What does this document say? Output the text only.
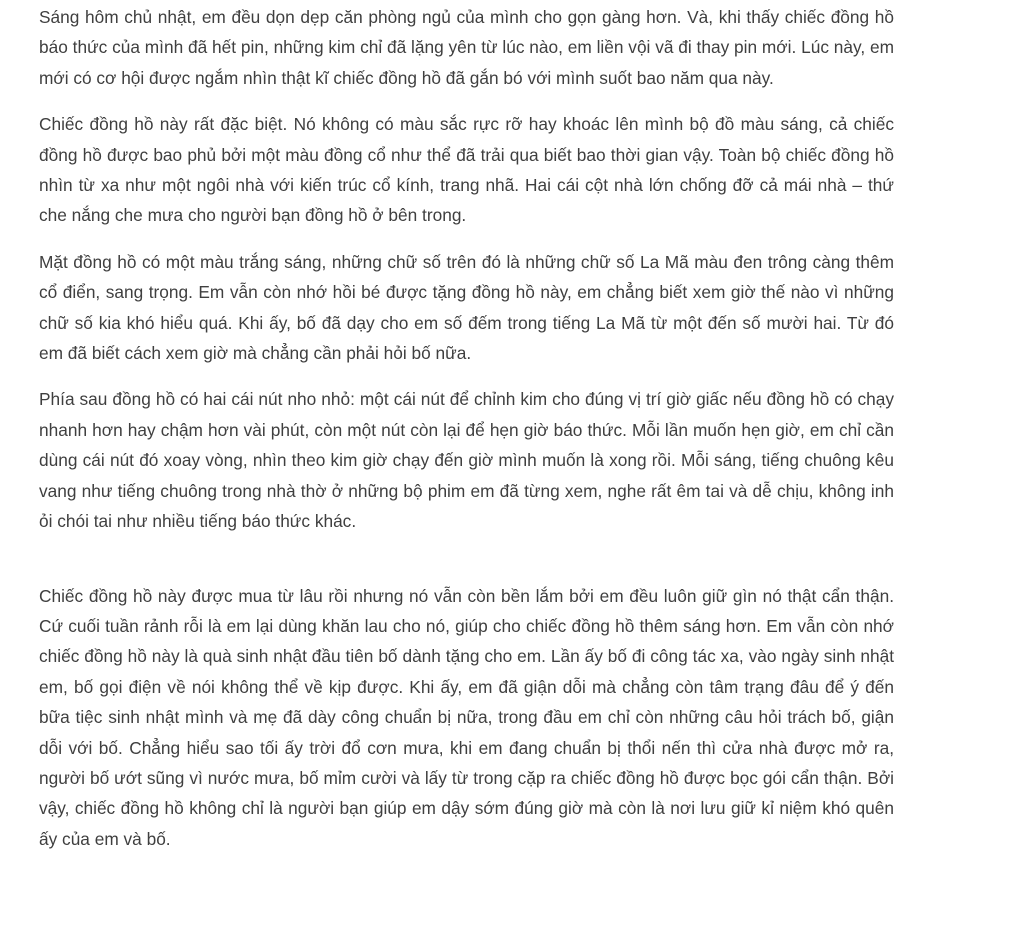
Sáng hôm chủ nhật, em đều dọn dẹp căn phòng ngủ của mình cho gọn gàng hơn. Và, khi thấy chiếc đồng hồ báo thức của mình đã hết pin, những kim chỉ đã lặng yên từ lúc nào, em liền vội vã đi thay pin mới. Lúc này, em mới có cơ hội được ngắm nhìn thật kĩ chiếc đồng hồ đã gắn bó với mình suốt bao năm qua này.

Chiếc đồng hồ này rất đặc biệt. Nó không có màu sắc rực rỡ hay khoác lên mình bộ đồ màu sáng, cả chiếc đồng hồ được bao phủ bởi một màu đồng cổ như thể đã trải qua biết bao thời gian vậy. Toàn bộ chiếc đồng hồ nhìn từ xa như một ngôi nhà với kiến trúc cổ kính, trang nhã. Hai cái cột nhà lớn chống đỡ cả mái nhà – thứ che nắng che mưa cho người bạn đồng hồ ở bên trong.

Mặt đồng hồ có một màu trắng sáng, những chữ số trên đó là những chữ số La Mã màu đen trông càng thêm cổ điển, sang trọng. Em vẫn còn nhớ hồi bé được tặng đồng hồ này, em chẳng biết xem giờ thế nào vì những chữ số kia khó hiểu quá. Khi ấy, bố đã dạy cho em số đếm trong tiếng La Mã từ một đến số mười hai. Từ đó em đã biết cách xem giờ mà chẳng cần phải hỏi bố nữa.

Phía sau đồng hồ có hai cái nút nho nhỏ: một cái nút để chỉnh kim cho đúng vị trí giờ giấc nếu đồng hồ có chạy nhanh hơn hay chậm hơn vài phút, còn một nút còn lại để hẹn giờ báo thức. Mỗi lần muốn hẹn giờ, em chỉ cần dùng cái nút đó xoay vòng, nhìn theo kim giờ chạy đến giờ mình muốn là xong rồi. Mỗi sáng, tiếng chuông kêu vang như tiếng chuông trong nhà thờ ở những bộ phim em đã từng xem, nghe rất êm tai và dễ chịu, không inh ỏi chói tai như nhiều tiếng báo thức khác.

Chiếc đồng hồ này được mua từ lâu rồi nhưng nó vẫn còn bền lắm bởi em đều luôn giữ gìn nó thật cẩn thận. Cứ cuối tuần rảnh rỗi là em lại dùng khăn lau cho nó, giúp cho chiếc đồng hồ thêm sáng hơn. Em vẫn còn nhớ chiếc đồng hồ này là quà sinh nhật đầu tiên bố dành tặng cho em. Lần ấy bố đi công tác xa, vào ngày sinh nhật em, bố gọi điện về nói không thể về kịp được. Khi ấy, em đã giận dỗi mà chẳng còn tâm trạng đâu để ý đến bữa tiệc sinh nhật mình và mẹ đã dày công chuẩn bị nữa, trong đầu em chỉ còn những câu hỏi trách bố, giận dỗi với bố. Chẳng hiểu sao tối ấy trời đổ cơn mưa, khi em đang chuẩn bị thổi nến thì cửa nhà được mở ra, người bố ướt sũng vì nước mưa, bố mỉm cười và lấy từ trong cặp ra chiếc đồng hồ được bọc gói cẩn thận. Bởi vậy, chiếc đồng hồ không chỉ là người bạn giúp em dậy sớm đúng giờ mà còn là nơi lưu giữ kỉ niệm khó quên ấy của em và bố.
